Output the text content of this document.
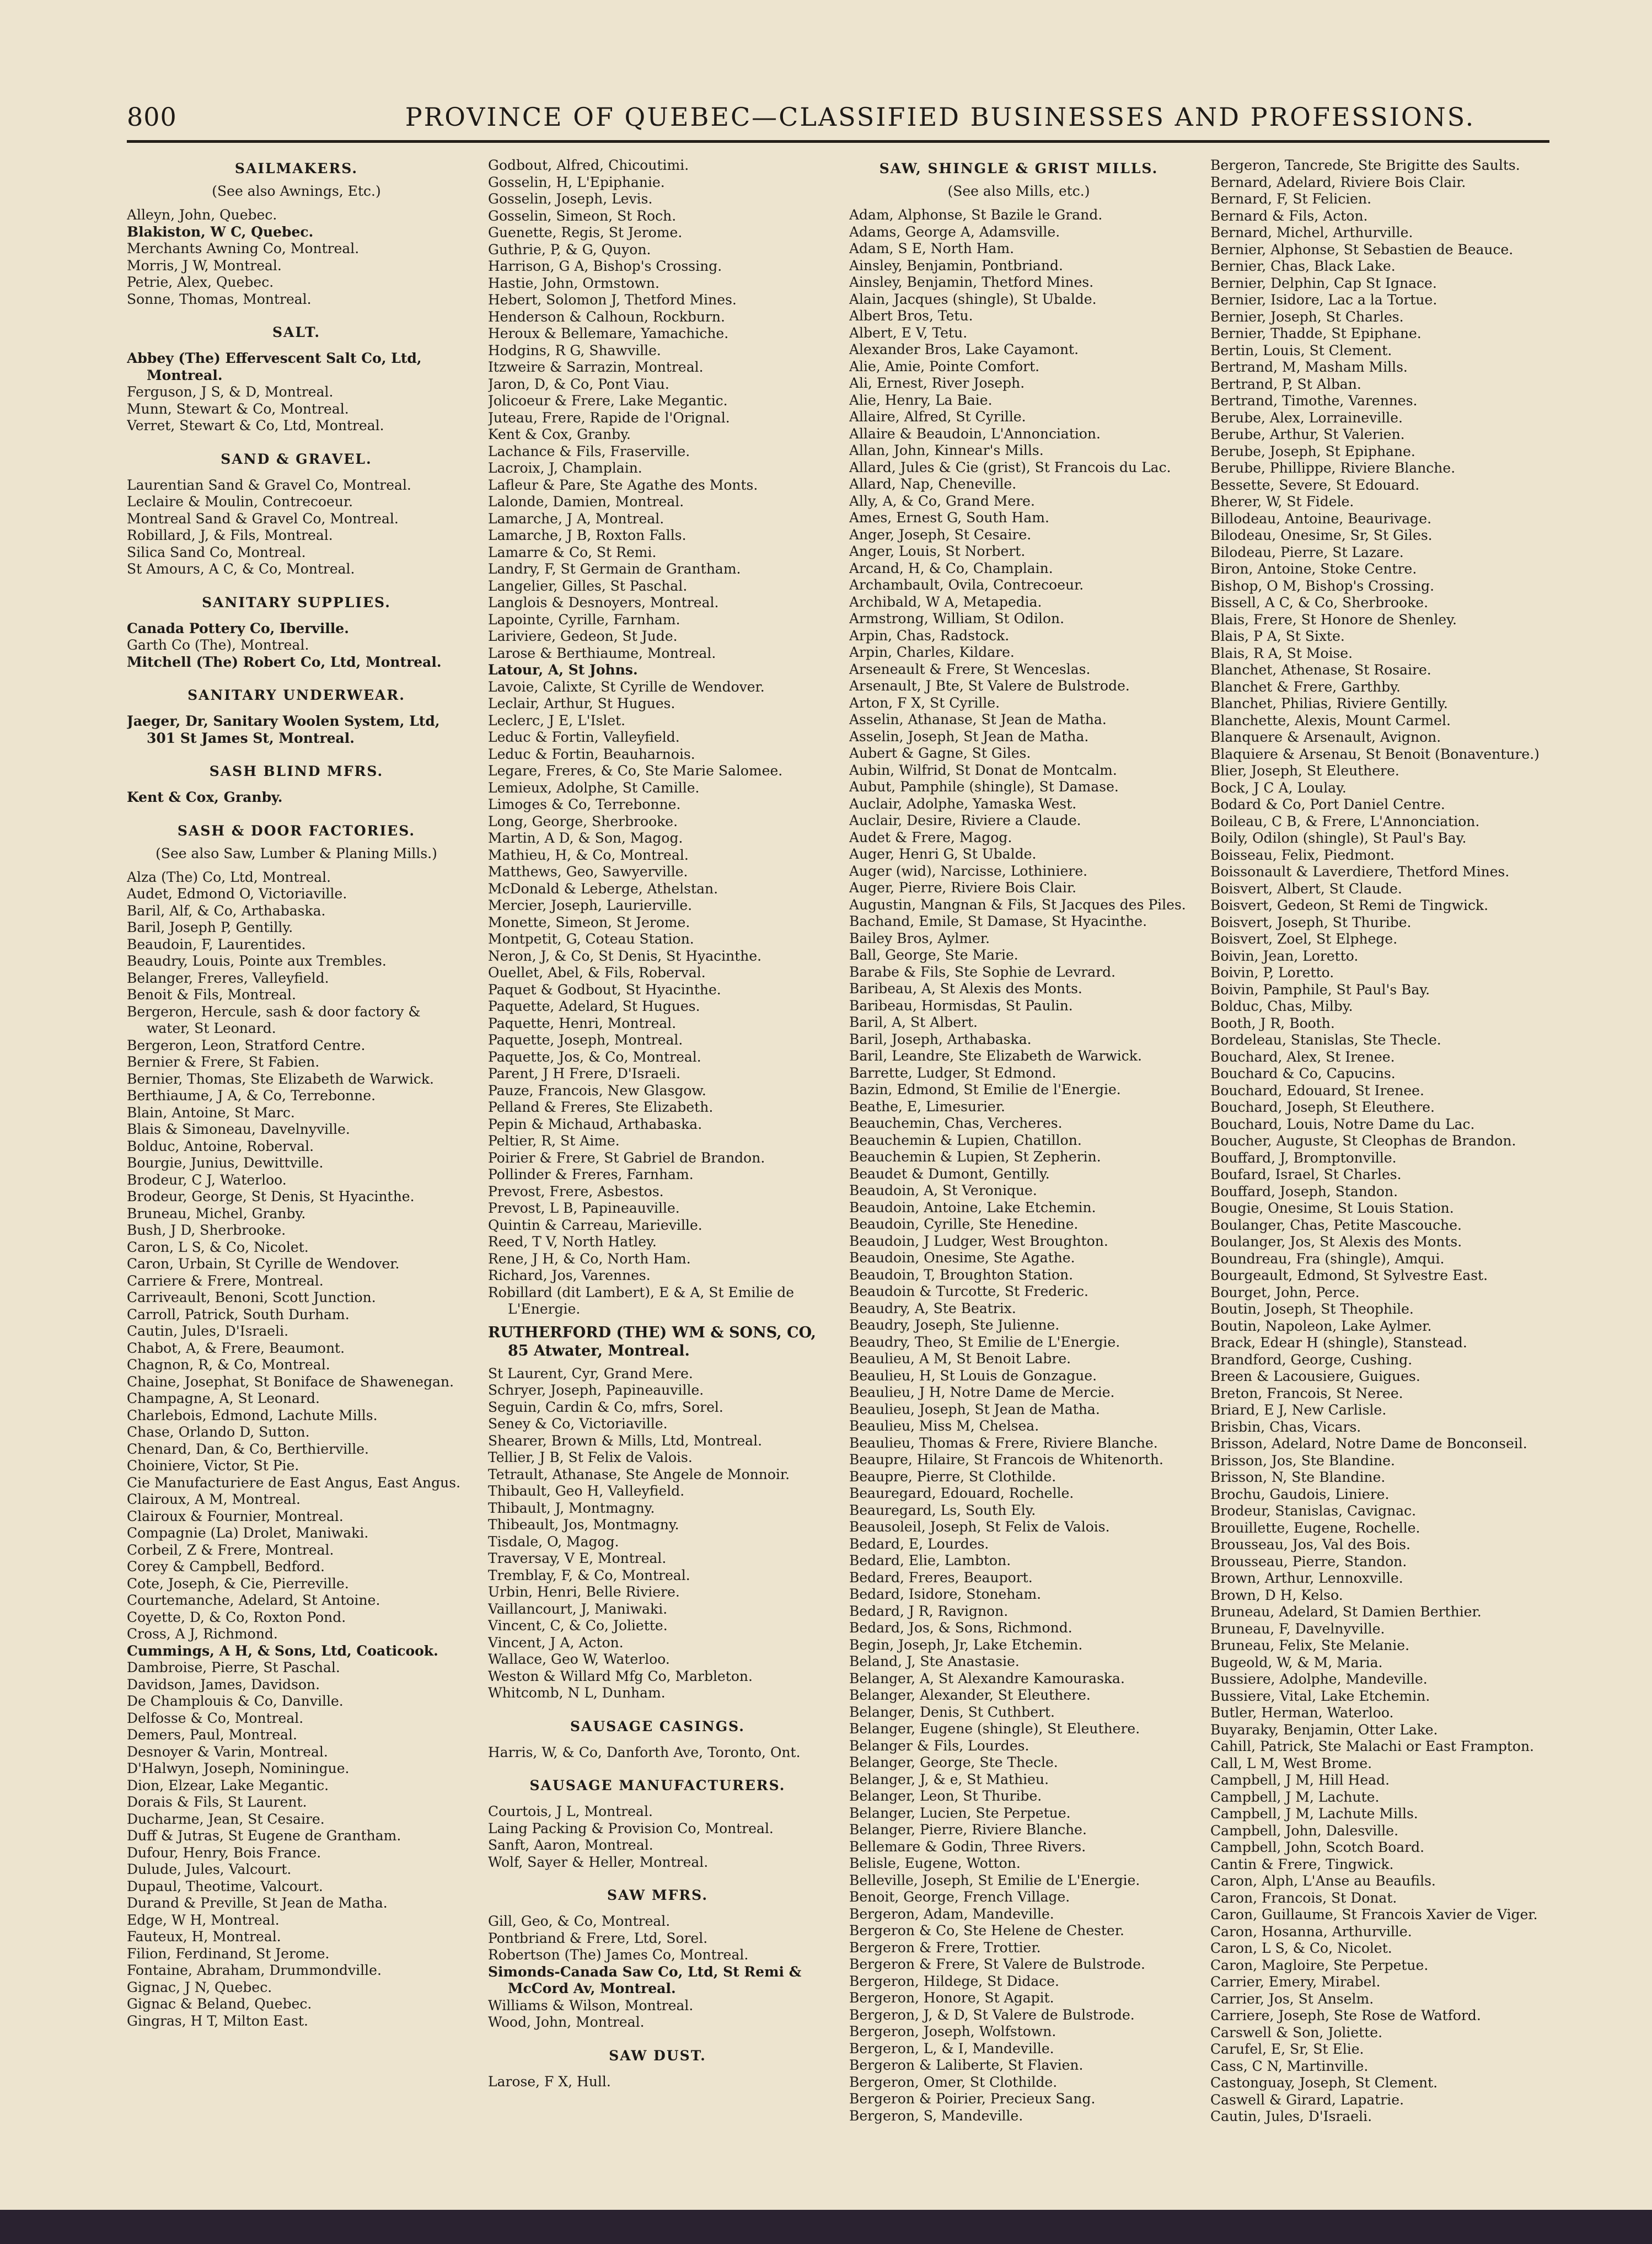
800	PROVINCE OF QUEBEC—CLASSIFIED BUSINESSES AND PROFESSIONS.
SAILMAKERS.
(See also Awnings, Etc.)
Alleyn, John, Quebec.
Blakiston, W C, Quebec.
Merchants Awning Co, Montreal.
Morris, J W, Montreal.
Petrie, Alex, Quebec.
Sonne, Thomas, Montreal.
SALT.
Abbey (The) Effervescent Salt Co, Ltd, Montreal.
Ferguson, J S, & D, Montreal.
Munn, Stewart & Co, Montreal.
Verret, Stewart & Co, Ltd, Montreal.
SAND & GRAVEL.
Laurentian Sand & Gravel Co, Montreal.
Leclaire & Moulin, Contrecoeur.
Montreal Sand & Gravel Co, Montreal.
Robillard, J, & Fils, Montreal.
Silica Sand Co, Montreal.
St Amours, A C, & Co, Montreal.
SANITARY SUPPLIES.
Canada Pottery Co, Iberville.
Garth Co (The), Montreal.
Mitchell (The) Robert Co, Ltd, Montreal.
SANITARY UNDERWEAR.
Jaeger, Dr, Sanitary Woolen System, Ltd, 301 St James St, Montreal.
SASH BLIND MFRS.
Kent & Cox, Granby.
SASH & DOOR FACTORIES.
(See also Saw, Lumber & Planing Mills.)
Alza (The) Co, Ltd, Montreal.
Audet, Edmond O, Victoriaville.
Baril, Alf, & Co, Arthabaska.
Baril, Joseph P, Gentilly.
Beaudoin, F, Laurentides.
Beaudry, Louis, Pointe aux Trembles.
Belanger, Freres, Valleyfield.
Benoit & Fils, Montreal.
Bergeron, Hercule, sash & door factory & water, St Leonard.
Bergeron, Leon, Stratford Centre.
Bernier & Frere, St Fabien.
Bernier, Thomas, Ste Elizabeth de Warwick.
Berthiaume, J A, & Co, Terrebonne.
Blain, Antoine, St Marc.
Blais & Simoneau, Davelnyville.
Bolduc, Antoine, Roberval.
Bourgie, Junius, Dewittville.
Brodeur, C J, Waterloo.
Brodeur, George, St Denis, St Hyacinthe.
Bruneau, Michel, Granby.
Bush, J D, Sherbrooke.
Caron, L S, & Co, Nicolet.
Caron, Urbain, St Cyrille de Wendover.
Carriere & Frere, Montreal.
Carriveault, Benoni, Scott Junction.
Carroll, Patrick, South Durham.
Cautin, Jules, D'Israeli.
Chabot, A, & Frere, Beaumont.
Chagnon, R, & Co, Montreal.
Chaine, Josephat, St Boniface de Shawenegan.
Champagne, A, St Leonard.
Charlebois, Edmond, Lachute Mills.
Chase, Orlando D, Sutton.
Chenard, Dan, & Co, Berthierville.
Choiniere, Victor, St Pie.
Cie Manufacturiere de East Angus, East Angus.
Clairoux, A M, Montreal.
Clairoux & Fournier, Montreal.
Compagnie (La) Drolet, Maniwaki.
Corbeil, Z & Frere, Montreal.
Corey & Campbell, Bedford.
Cote, Joseph, & Cie, Pierreville.
Courtemanche, Adelard, St Antoine.
Coyette, D, & Co, Roxton Pond.
Cross, A J, Richmond.
Cummings, A H, & Sons, Ltd, Coaticook.
Dambroise, Pierre, St Paschal.
Davidson, James, Davidson.
De Champlouis & Co, Danville.
Delfosse & Co, Montreal.
Demers, Paul, Montreal.
Desnoyer & Varin, Montreal.
D'Halwyn, Joseph, Nominingue.
Dion, Elzear, Lake Megantic.
Dorais & Fils, St Laurent.
Ducharme, Jean, St Cesaire.
Duff & Jutras, St Eugene de Grantham.
Dufour, Henry, Bois France.
Dulude, Jules, Valcourt.
Dupaul, Theotime, Valcourt.
Durand & Preville, St Jean de Matha.
Edge, W H, Montreal.
Fauteux, H, Montreal.
Filion, Ferdinand, St Jerome.
Fontaine, Abraham, Drummondville.
Gignac, J N, Quebec.
Gignac & Beland, Quebec.
Gingras, H T, Milton East.
Godbout, Alfred, Chicoutimi.
Gosselin, H, L'Epiphanie.
Gosselin, Joseph, Levis.
Gosselin, Simeon, St Roch.
Guenette, Regis, St Jerome.
Guthrie, P, & G, Quyon.
Harrison, G A, Bishop's Crossing.
Hastie, John, Ormstown.
Hebert, Solomon J, Thetford Mines.
Henderson & Calhoun, Rockburn.
Heroux & Bellemare, Yamachiche.
Hodgins, R G, Shawville.
Itzweire & Sarrazin, Montreal.
Jaron, D, & Co, Pont Viau.
Jolicoeur & Frere, Lake Megantic.
Juteau, Frere, Rapide de l'Orignal.
Kent & Cox, Granby.
Lachance & Fils, Fraserville.
Lacroix, J, Champlain.
Lafleur & Pare, Ste Agathe des Monts.
Lalonde, Damien, Montreal.
Lamarche, J A, Montreal.
Lamarche, J B, Roxton Falls.
Lamarre & Co, St Remi.
Landry, F, St Germain de Grantham.
Langelier, Gilles, St Paschal.
Langlois & Desnoyers, Montreal.
Lapointe, Cyrille, Farnham.
Lariviere, Gedeon, St Jude.
Larose & Berthiaume, Montreal.
Latour, A, St Johns.
Lavoie, Calixte, St Cyrille de Wendover.
Leclair, Arthur, St Hugues.
Leclerc, J E, L'Islet.
Leduc & Fortin, Valleyfield.
Leduc & Fortin, Beauharnois.
Legare, Freres, & Co, Ste Marie Salomee.
Lemieux, Adolphe, St Camille.
Limoges & Co, Terrebonne.
Long, George, Sherbrooke.
Martin, A D, & Son, Magog.
Mathieu, H, & Co, Montreal.
Matthews, Geo, Sawyerville.
McDonald & Leberge, Athelstan.
Mercier, Joseph, Laurierville.
Monette, Simeon, St Jerome.
Montpetit, G, Coteau Station.
Neron, J, & Co, St Denis, St Hyacinthe.
Ouellet, Abel, & Fils, Roberval.
Paquet & Godbout, St Hyacinthe.
Paquette, Adelard, St Hugues.
Paquette, Henri, Montreal.
Paquette, Joseph, Montreal.
Paquette, Jos, & Co, Montreal.
Parent, J H Frere, D'Israeli.
Pauze, Francois, New Glasgow.
Pelland & Freres, Ste Elizabeth.
Pepin & Michaud, Arthabaska.
Peltier, R, St Aime.
Poirier & Frere, St Gabriel de Brandon.
Pollinder & Freres, Farnham.
Prevost, Frere, Asbestos.
Prevost, L B, Papineauville.
Quintin & Carreau, Marieville.
Reed, T V, North Hatley.
Rene, J H, & Co, North Ham.
Richard, Jos, Varennes.
Robillard (dit Lambert), E & A, St Emilie de L'Energie.
RUTHERFORD (THE) WM & SONS, CO, 85 Atwater, Montreal.
St Laurent, Cyr, Grand Mere.
Schryer, Joseph, Papineauville.
Seguin, Cardin & Co, mfrs, Sorel.
Seney & Co, Victoriaville.
Shearer, Brown & Mills, Ltd, Montreal.
Tellier, J B, St Felix de Valois.
Tetrault, Athanase, Ste Angele de Monnoir.
Thibault, Geo H, Valleyfield.
Thibault, J, Montmagny.
Thibeault, Jos, Montmagny.
Tisdale, O, Magog.
Traversay, V E, Montreal.
Tremblay, F, & Co, Montreal.
Urbin, Henri, Belle Riviere.
Vaillancourt, J, Maniwaki.
Vincent, C, & Co, Joliette.
Vincent, J A, Acton.
Wallace, Geo W, Waterloo.
Weston & Willard Mfg Co, Marbleton.
Whitcomb, N L, Dunham.
SAUSAGE CASINGS.
Harris, W, & Co, Danforth Ave, Toronto, Ont.
SAUSAGE MANUFACTURERS.
Courtois, J L, Montreal.
Laing Packing & Provision Co, Montreal.
Sanft, Aaron, Montreal.
Wolf, Sayer & Heller, Montreal.
SAW MFRS.
Gill, Geo, & Co, Montreal.
Pontbriand & Frere, Ltd, Sorel.
Robertson (The) James Co, Montreal.
Simonds-Canada Saw Co, Ltd, St Remi & McCord Av, Montreal.
Williams & Wilson, Montreal.
Wood, John, Montreal.
SAW DUST.
Larose, F X, Hull.
SAW, SHINGLE & GRIST MILLS.
(See also Mills, etc.)
Adam, Alphonse, St Bazile le Grand.
Adams, George A, Adamsville.
Adam, S E, North Ham.
Ainsley, Benjamin, Pontbriand.
Ainsley, Benjamin, Thetford Mines.
Alain, Jacques (shingle), St Ubalde.
Albert Bros, Tetu.
Albert, E V, Tetu.
Alexander Bros, Lake Cayamont.
Alie, Amie, Pointe Comfort.
Ali, Ernest, River Joseph.
Alie, Henry, La Baie.
Allaire, Alfred, St Cyrille.
Allaire & Beaudoin, L'Annonciation.
Allan, John, Kinnear's Mills.
Allard, Jules & Cie (grist), St Francois du Lac.
Allard, Nap, Cheneville.
Ally, A, & Co, Grand Mere.
Ames, Ernest G, South Ham.
Anger, Joseph, St Cesaire.
Anger, Louis, St Norbert.
Arcand, H, & Co, Champlain.
Archambault, Ovila, Contrecoeur.
Archibald, W A, Metapedia.
Armstrong, William, St Odilon.
Arpin, Chas, Radstock.
Arpin, Charles, Kildare.
Arseneault & Frere, St Wenceslas.
Arsenault, J Bte, St Valere de Bulstrode.
Arton, F X, St Cyrille.
Asselin, Athanase, St Jean de Matha.
Asselin, Joseph, St Jean de Matha.
Aubert & Gagne, St Giles.
Aubin, Wilfrid, St Donat de Montcalm.
Aubut, Pamphile (shingle), St Damase.
Auclair, Adolphe, Yamaska West.
Auclair, Desire, Riviere a Claude.
Audet & Frere, Magog.
Auger, Henri G, St Ubalde.
Auger (wid), Narcisse, Lothiniere.
Auger, Pierre, Riviere Bois Clair.
Augustin, Mangnan & Fils, St Jacques des Piles.
Bachand, Emile, St Damase, St Hyacinthe.
Bailey Bros, Aylmer.
Ball, George, Ste Marie.
Barabe & Fils, Ste Sophie de Levrard.
Baribeau, A, St Alexis des Monts.
Baribeau, Hormisdas, St Paulin.
Baril, A, St Albert.
Baril, Joseph, Arthabaska.
Baril, Leandre, Ste Elizabeth de Warwick.
Barrette, Ludger, St Edmond.
Bazin, Edmond, St Emilie de l'Energie.
Beathe, E, Limesurier.
Beauchemin, Chas, Vercheres.
Beauchemin & Lupien, Chatillon.
Beauchemin & Lupien, St Zepherin.
Beaudet & Dumont, Gentilly.
Beaudoin, A, St Veronique.
Beaudoin, Antoine, Lake Etchemin.
Beaudoin, Cyrille, Ste Henedine.
Beaudoin, J Ludger, West Broughton.
Beaudoin, Onesime, Ste Agathe.
Beaudoin, T, Broughton Station.
Beaudoin & Turcotte, St Frederic.
Beaudry, A, Ste Beatrix.
Beaudry, Joseph, Ste Julienne.
Beaudry, Theo, St Emilie de L'Energie.
Beaulieu, A M, St Benoit Labre.
Beaulieu, H, St Louis de Gonzague.
Beaulieu, J H, Notre Dame de Mercie.
Beaulieu, Joseph, St Jean de Matha.
Beaulieu, Miss M, Chelsea.
Beaulieu, Thomas & Frere, Riviere Blanche.
Beaupre, Hilaire, St Francois de Whitenorth.
Beaupre, Pierre, St Clothilde.
Beauregard, Edouard, Rochelle.
Beauregard, Ls, South Ely.
Beausoleil, Joseph, St Felix de Valois.
Bedard, E, Lourdes.
Bedard, Elie, Lambton.
Bedard, Freres, Beauport.
Bedard, Isidore, Stoneham.
Bedard, J R, Ravignon.
Bedard, Jos, & Sons, Richmond.
Begin, Joseph, Jr, Lake Etchemin.
Beland, J, Ste Anastasie.
Belanger, A, St Alexandre Kamouraska.
Belanger, Alexander, St Eleuthere.
Belanger, Denis, St Cuthbert.
Belanger, Eugene (shingle), St Eleuthere.
Belanger & Fils, Lourdes.
Belanger, George, Ste Thecle.
Belanger, J, & e, St Mathieu.
Belanger, Leon, St Thuribe.
Belanger, Lucien, Ste Perpetue.
Belanger, Pierre, Riviere Blanche.
Bellemare & Godin, Three Rivers.
Belisle, Eugene, Wotton.
Belleville, Joseph, St Emilie de L'Energie.
Benoit, George, French Village.
Bergeron, Adam, Mandeville.
Bergeron & Co, Ste Helene de Chester.
Bergeron & Frere, Trottier.
Bergeron & Frere, St Valere de Bulstrode.
Bergeron, Hildege, St Didace.
Bergeron, Honore, St Agapit.
Bergeron, J, & D, St Valere de Bulstrode.
Bergeron, Joseph, Wolfstown.
Bergeron, L, & I, Mandeville.
Bergeron & Laliberte, St Flavien.
Bergeron, Omer, St Clothilde.
Bergeron & Poirier, Precieux Sang.
Bergeron, S, Mandeville.
Bergeron, Tancrede, Ste Brigitte des Saults.
Bernard, Adelard, Riviere Bois Clair.
Bernard, F, St Felicien.
Bernard & Fils, Acton.
Bernard, Michel, Arthurville.
Bernier, Alphonse, St Sebastien de Beauce.
Bernier, Chas, Black Lake.
Bernier, Delphin, Cap St Ignace.
Bernier, Isidore, Lac a la Tortue.
Bernier, Joseph, St Charles.
Bernier, Thadde, St Epiphane.
Bertin, Louis, St Clement.
Bertrand, M, Masham Mills.
Bertrand, P, St Alban.
Bertrand, Timothe, Varennes.
Berube, Alex, Lorraineville.
Berube, Arthur, St Valerien.
Berube, Joseph, St Epiphane.
Berube, Phillippe, Riviere Blanche.
Bessette, Severe, St Edouard.
Bherer, W, St Fidele.
Billodeau, Antoine, Beaurivage.
Bilodeau, Onesime, Sr, St Giles.
Bilodeau, Pierre, St Lazare.
Biron, Antoine, Stoke Centre.
Bishop, O M, Bishop's Crossing.
Bissell, A C, & Co, Sherbrooke.
Blais, Frere, St Honore de Shenley.
Blais, P A, St Sixte.
Blais, R A, St Moise.
Blanchet, Athenase, St Rosaire.
Blanchet & Frere, Garthby.
Blanchet, Philias, Riviere Gentilly.
Blanchette, Alexis, Mount Carmel.
Blanquere & Arsenault, Avignon.
Blaquiere & Arsenau, St Benoit (Bonaventure.)
Blier, Joseph, St Eleuthere.
Bock, J C A, Loulay.
Bodard & Co, Port Daniel Centre.
Boileau, C B, & Frere, L'Annonciation.
Boily, Odilon (shingle), St Paul's Bay.
Boisseau, Felix, Piedmont.
Boissonault & Laverdiere, Thetford Mines.
Boisvert, Albert, St Claude.
Boisvert, Gedeon, St Remi de Tingwick.
Boisvert, Joseph, St Thuribe.
Boisvert, Zoel, St Elphege.
Boivin, Jean, Loretto.
Boivin, P, Loretto.
Boivin, Pamphile, St Paul's Bay.
Bolduc, Chas, Milby.
Booth, J R, Booth.
Bordeleau, Stanislas, Ste Thecle.
Bouchard, Alex, St Irenee.
Bouchard & Co, Capucins.
Bouchard, Edouard, St Irenee.
Bouchard, Joseph, St Eleuthere.
Bouchard, Louis, Notre Dame du Lac.
Boucher, Auguste, St Cleophas de Brandon.
Bouffard, J, Bromptonville.
Boufard, Israel, St Charles.
Bouffard, Joseph, Standon.
Bougie, Onesime, St Louis Station.
Boulanger, Chas, Petite Mascouche.
Boulanger, Jos, St Alexis des Monts.
Boundreau, Fra (shingle), Amqui.
Bourgeault, Edmond, St Sylvestre East.
Bourget, John, Perce.
Boutin, Joseph, St Theophile.
Boutin, Napoleon, Lake Aylmer.
Brack, Edear H (shingle), Stanstead.
Brandford, George, Cushing.
Breen & Lacousiere, Guigues.
Breton, Francois, St Neree.
Briard, E J, New Carlisle.
Brisbin, Chas, Vicars.
Brisson, Adelard, Notre Dame de Bonconseil.
Brisson, Jos, Ste Blandine.
Brisson, N, Ste Blandine.
Brochu, Gaudois, Liniere.
Brodeur, Stanislas, Cavignac.
Brouillette, Eugene, Rochelle.
Brousseau, Jos, Val des Bois.
Brousseau, Pierre, Standon.
Brown, Arthur, Lennoxville.
Brown, D H, Kelso.
Bruneau, Adelard, St Damien Berthier.
Bruneau, F, Davelnyville.
Bruneau, Felix, Ste Melanie.
Bugeold, W, & M, Maria.
Bussiere, Adolphe, Mandeville.
Bussiere, Vital, Lake Etchemin.
Butler, Herman, Waterloo.
Buyaraky, Benjamin, Otter Lake.
Cahill, Patrick, Ste Malachi or East Frampton.
Call, L M, West Brome.
Campbell, J M, Hill Head.
Campbell, J M, Lachute.
Campbell, J M, Lachute Mills.
Campbell, John, Dalesville.
Campbell, John, Scotch Board.
Cantin & Frere, Tingwick.
Caron, Alph, L'Anse au Beaufils.
Caron, Francois, St Donat.
Caron, Guillaume, St Francois Xavier de Viger.
Caron, Hosanna, Arthurville.
Caron, L S, & Co, Nicolet.
Caron, Magloire, Ste Perpetue.
Carrier, Emery, Mirabel.
Carrier, Jos, St Anselm.
Carriere, Joseph, Ste Rose de Watford.
Carswell & Son, Joliette.
Carufel, E, Sr, St Elie.
Cass, C N, Martinville.
Castonguay, Joseph, St Clement.
Caswell & Girard, Lapatrie.
Cautin, Jules, D'Israeli.
